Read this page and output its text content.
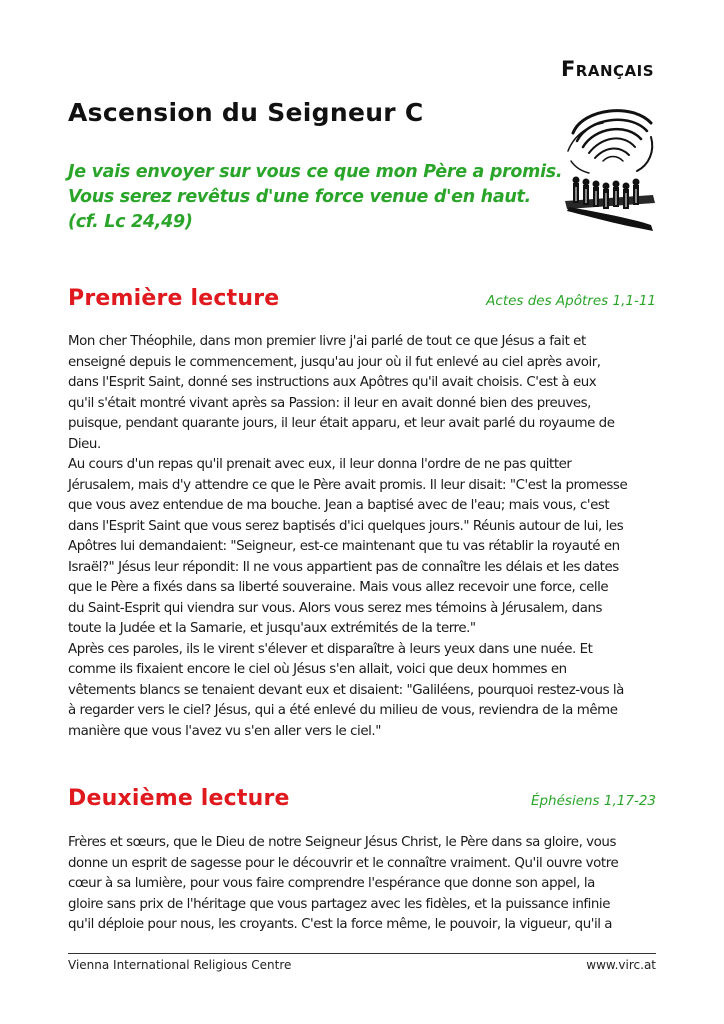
Français
Ascension du Seigneur C
Je vais envoyer sur vous ce que mon Père a promis.
Vous serez revêtus d'une force venue d'en haut.
(cf. Lc 24,49)
Première lecture	Actes des Apôtres 1,1-11
Mon cher Théophile, dans mon premier livre j'ai parlé de tout ce que Jésus a fait et
enseigné depuis le commencement, jusqu'au jour où il fut enlevé au ciel après avoir,
dans l'Esprit Saint, donné ses instructions aux Apôtres qu'il avait choisis. C'est à eux
qu'il s'était montré vivant après sa Passion: il leur en avait donné bien des preuves,
puisque, pendant quarante jours, il leur était apparu, et leur avait parlé du royaume de
Dieu.
Au cours d'un repas qu'il prenait avec eux, il leur donna l'ordre de ne pas quitter
Jérusalem, mais d'y attendre ce que le Père avait promis. Il leur disait: "C'est la promesse
que vous avez entendue de ma bouche. Jean a baptisé avec de l'eau; mais vous, c'est
dans l'Esprit Saint que vous serez baptisés d'ici quelques jours." Réunis autour de lui, les
Apôtres lui demandaient: "Seigneur, est-ce maintenant que tu vas rétablir la royauté en
Israël?" Jésus leur répondit: Il ne vous appartient pas de connaître les délais et les dates
que le Père a fixés dans sa liberté souveraine. Mais vous allez recevoir une force, celle
du Saint-Esprit qui viendra sur vous. Alors vous serez mes témoins à Jérusalem, dans
toute la Judée et la Samarie, et jusqu'aux extrémités de la terre."
Après ces paroles, ils le virent s'élever et disparaître à leurs yeux dans une nuée. Et
comme ils fixaient encore le ciel où Jésus s'en allait, voici que deux hommes en
vêtements blancs se tenaient devant eux et disaient: "Galiléens, pourquoi restez-vous là
à regarder vers le ciel? Jésus, qui a été enlevé du milieu de vous, reviendra de la même
manière que vous l'avez vu s'en aller vers le ciel."
Deuxième lecture	Éphésiens 1,17-23
Frères et sœurs, que le Dieu de notre Seigneur Jésus Christ, le Père dans sa gloire, vous
donne un esprit de sagesse pour le découvrir et le connaître vraiment. Qu'il ouvre votre
cœur à sa lumière, pour vous faire comprendre l'espérance que donne son appel, la
gloire sans prix de l'héritage que vous partagez avec les fidèles, et la puissance infinie
qu'il déploie pour nous, les croyants. C'est la force même, le pouvoir, la vigueur, qu'il a
Vienna International Religious Centre	www.virc.at
